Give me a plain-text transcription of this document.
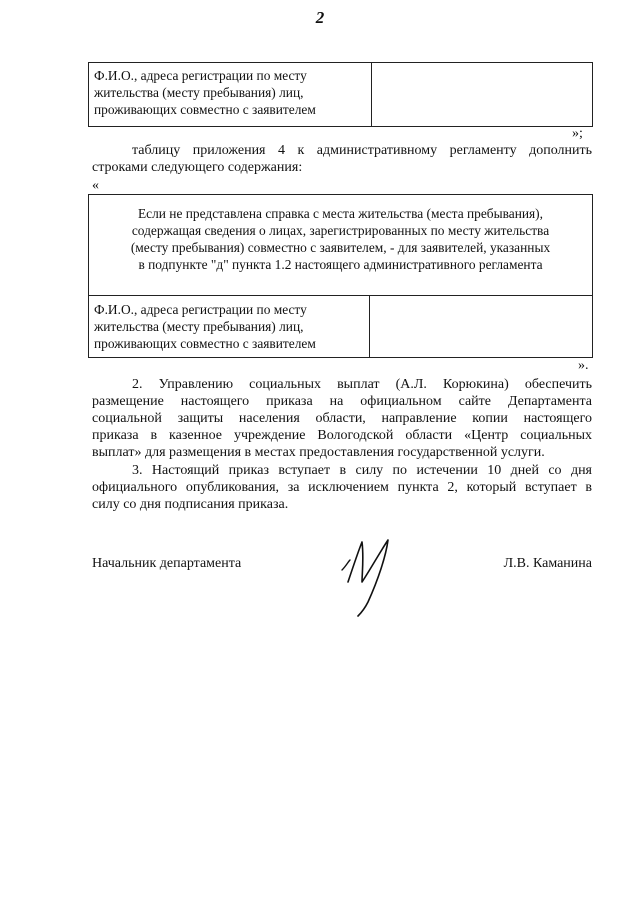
2
Ф.И.О., адреса регистрации по месту
жительства (месту пребывания) лиц,
проживающих совместно с заявителем

»;
таблицу приложения 4 к административному регламенту дополнить
строками следующего содержания:
«
Если не представлена справка с места жительства (места пребывания),
содержащая сведения о лицах, зарегистрированных по месту жительства
(месту пребывания) совместно с заявителем, - для заявителей, указанных
в подпункте "д" пункта 1.2 настоящего административного регламента

Ф.И.О., адреса регистрации по месту
жительства (месту пребывания) лиц,
проживающих совместно с заявителем

».
2. Управлению социальных выплат (А.Л. Корюкина) обеспечить
размещение настоящего приказа на официальном сайте Департамента
социальной защиты населения области, направление копии настоящего
приказа в казенное учреждение Вологодской области «Центр социальных
выплат» для размещения в местах предоставления государственной услуги.
3. Настоящий приказ вступает в силу по истечении 10 дней со дня
официального опубликования, за исключением пункта 2, который вступает в
силу со дня подписания приказа.
Начальник департамента	Л.В. Каманина
